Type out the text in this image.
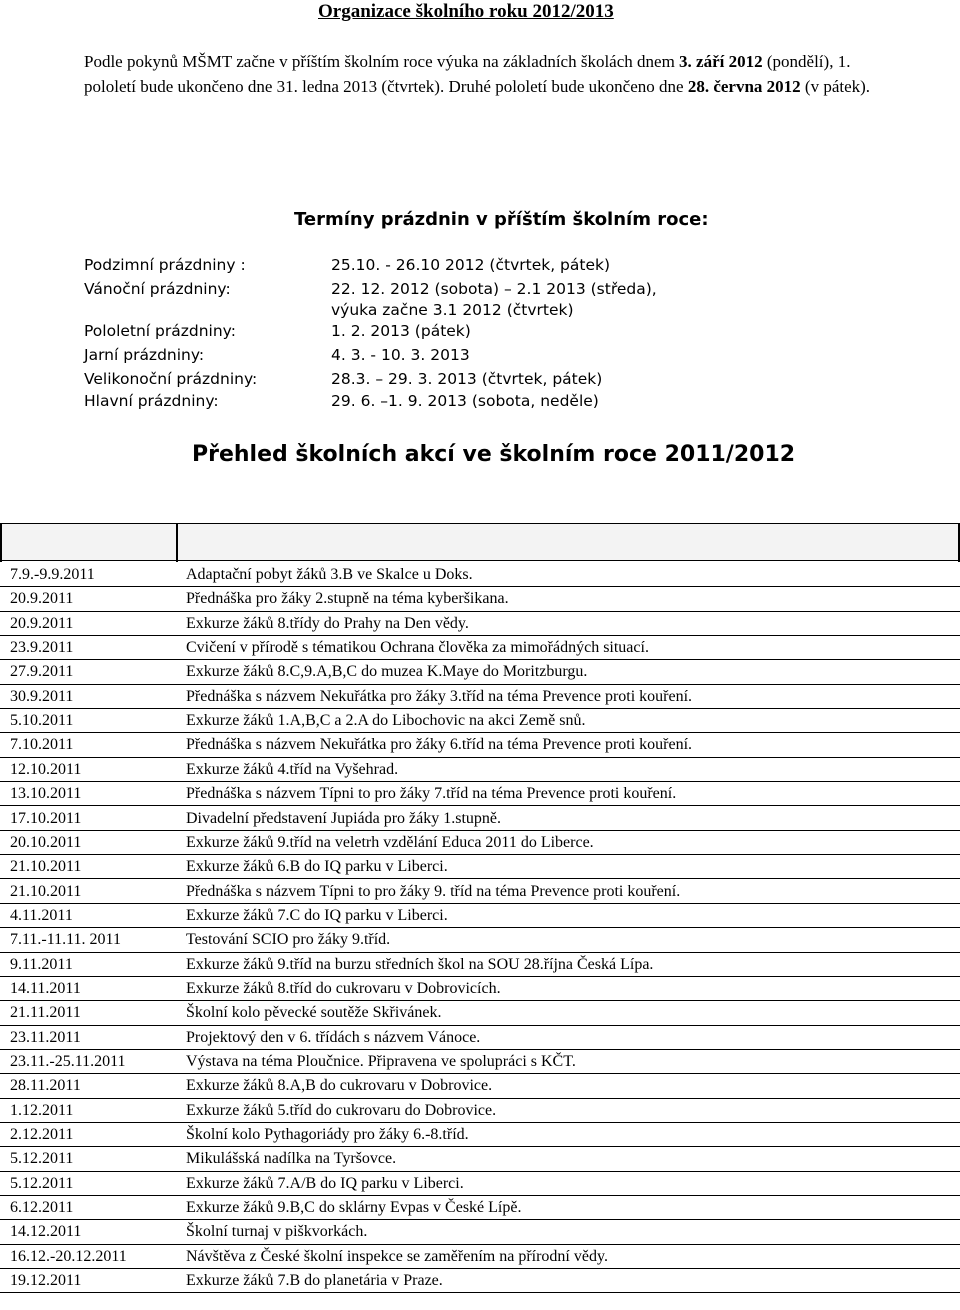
Organizace školního roku 2012/2013
Podle pokynů MŠMT začne v příštím školním roce výuka na základních školách dnem 3. září 2012 (pondělí), 1. pololetí bude ukončeno dne 31. ledna 2013 (čtvrtek). Druhé pololetí bude ukončeno dne 28. června 2012 (v pátek).
Termíny prázdnin v příštím školním roce:
Podzimní prázdniny :	25.10. - 26.10 2012 (čtvrtek, pátek)
Vánoční prázdniny:	22. 12. 2012 (sobota) – 2.1 2013 (středa),
výuka začne 3.1 2012 (čtvrtek)
Pololetní prázdniny:	1. 2. 2013 (pátek)
Jarní prázdniny:	4. 3. - 10. 3. 2013
Velikonoční prázdniny:	28.3. – 29. 3. 2013 (čtvrtek, pátek)
Hlavní prázdniny:	29. 6. –1. 9. 2013 (sobota, neděle)
Přehled školních akcí ve školním roce 2011/2012
7.9.-9.9.2011	Adaptační pobyt žáků 3.B ve Skalce u Doks.
20.9.2011	Přednáška pro žáky 2.stupně na téma kyberšikana.
20.9.2011	Exkurze žáků 8.třídy do Prahy na Den vědy.
23.9.2011	Cvičení v přírodě s tématikou Ochrana člověka za mimořádných situací.
27.9.2011	Exkurze žáků 8.C,9.A,B,C do muzea K.Maye do Moritzburgu.
30.9.2011	Přednáška s názvem Nekuřátka pro žáky 3.tříd na téma Prevence proti kouření.
5.10.2011	Exkurze žáků 1.A,B,C a 2.A do Libochovic na akci Země snů.
7.10.2011	Přednáška s názvem Nekuřátka pro žáky 6.tříd na téma Prevence proti kouření.
12.10.2011	Exkurze žáků 4.tříd na Vyšehrad.
13.10.2011	Přednáška s názvem Típni to pro žáky 7.tříd na téma Prevence proti kouření.
17.10.2011	Divadelní představení Jupiáda pro žáky 1.stupně.
20.10.2011	Exkurze žáků 9.tříd na veletrh vzdělání Educa 2011 do Liberce.
21.10.2011	Exkurze žáků 6.B do IQ parku v Liberci.
21.10.2011	Přednáška s názvem Típni to pro žáky 9. tříd na téma Prevence proti kouření.
4.11.2011	Exkurze žáků 7.C do IQ parku v Liberci.
7.11.-11.11. 2011	Testování SCIO pro žáky 9.tříd.
9.11.2011	Exkurze žáků 9.tříd na burzu středních škol na SOU 28.října Česká Lípa.
14.11.2011	Exkurze žáků 8.tříd do cukrovaru v Dobrovicích.
21.11.2011	Školní kolo pěvecké soutěže Skřivánek.
23.11.2011	Projektový den v 6. třídách s názvem Vánoce.
23.11.-25.11.2011	Výstava na téma Ploučnice. Připravena ve spolupráci s KČT.
28.11.2011	Exkurze žáků 8.A,B do cukrovaru v Dobrovice.
1.12.2011	Exkurze žáků 5.tříd do cukrovaru do Dobrovice.
2.12.2011	Školní kolo Pythagoriády pro žáky 6.-8.tříd.
5.12.2011	Mikulášská nadílka na Tyršovce.
5.12.2011	Exkurze žáků 7.A/B do IQ parku v Liberci.
6.12.2011	Exkurze žáků 9.B,C do sklárny Evpas v České Lípě.
14.12.2011	Školní turnaj v piškvorkách.
16.12.-20.12.2011	Návštěva z České školní inspekce se zaměřením na přírodní vědy.
19.12.2011	Exkurze žáků 7.B do planetária v Praze.
